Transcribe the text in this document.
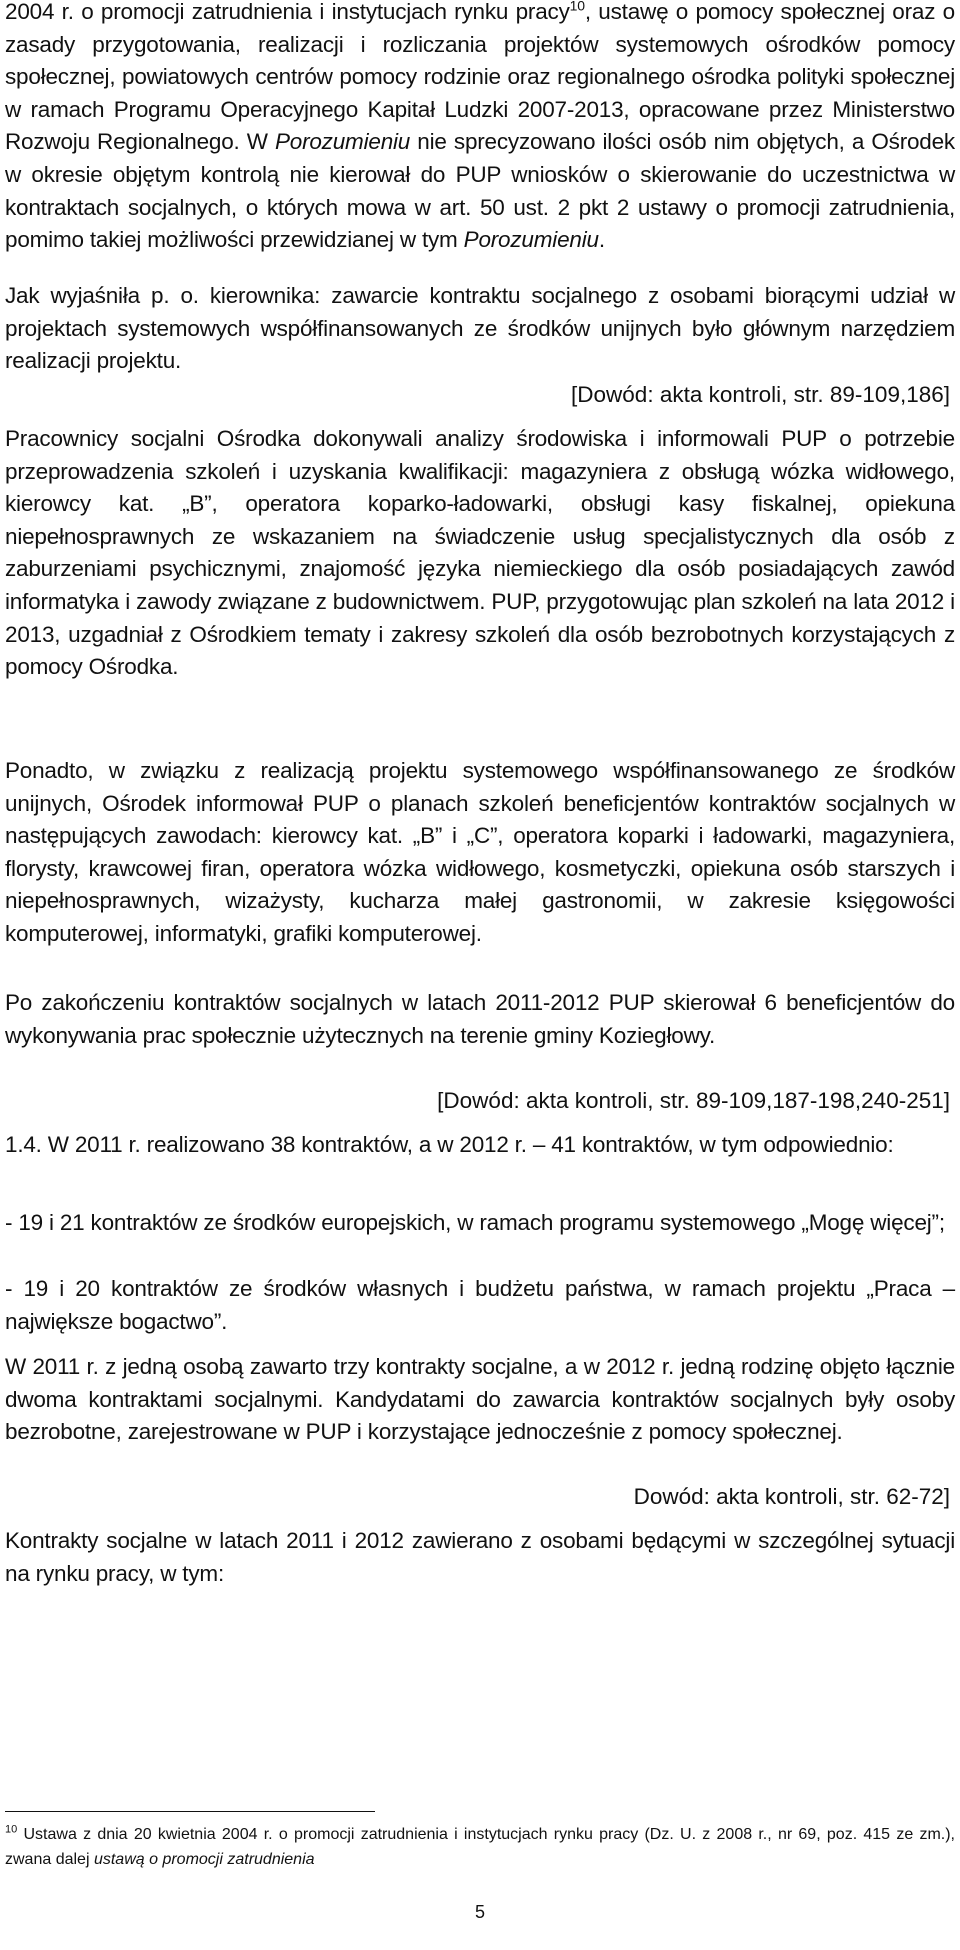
2004 r. o promocji zatrudnienia i instytucjach rynku pracy$^{10}$, ustawę o pomocy społecznej oraz o zasady przygotowania, realizacji i rozliczania projektów systemowych ośrodków pomocy społecznej, powiatowych centrów pomocy rodzinie oraz regionalnego ośrodka polityki społecznej w ramach Programu Operacyjnego Kapitał Ludzki 2007-2013, opracowane przez Ministerstwo Rozwoju Regionalnego. W Porozumieniu nie sprecyzowano ilości osób nim objętych, a Ośrodek w okresie objętym kontrolą nie kierował do PUP wniosków o skierowanie do uczestnictwa w kontraktach socjalnych, o których mowa w art. 50 ust. 2 pkt 2 ustawy o promocji zatrudnienia, pomimo takiej możliwości przewidzianej w tym Porozumieniu.
Jak wyjaśniła p. o. kierownika: zawarcie kontraktu socjalnego z osobami biorącymi udział w projektach systemowych współfinansowanych ze środków unijnych było głównym narzędziem realizacji projektu.
[Dowód: akta kontroli, str. 89-109,186]
Pracownicy socjalni Ośrodka dokonywali analizy środowiska i informowali PUP o potrzebie przeprowadzenia szkoleń i uzyskania kwalifikacji: magazyniera z obsługą wózka widłowego, kierowcy kat. „B”, operatora koparko-ładowarki, obsługi kasy fiskalnej, opiekuna niepełnosprawnych ze wskazaniem na świadczenie usług specjalistycznych dla osób z zaburzeniami psychicznymi, znajomość języka niemieckiego dla osób posiadających zawód informatyka i zawody związane z budownictwem. PUP, przygotowując plan szkoleń na lata 2012 i 2013, uzgadniał z Ośrodkiem tematy i zakresy szkoleń dla osób bezrobotnych korzystających z pomocy Ośrodka.
Ponadto, w związku z realizacją projektu systemowego współfinansowanego ze środków unijnych, Ośrodek informował PUP o planach szkoleń beneficjentów kontraktów socjalnych w następujących zawodach: kierowcy kat. „B” i „C”, operatora koparki i ładowarki, magazyniera, florysty, krawcowej firan, operatora wózka widłowego, kosmetyczki, opiekuna osób starszych i niepełnosprawnych, wizażysty, kucharza małej gastronomii, w zakresie księgowości komputerowej, informatyki, grafiki komputerowej.
Po zakończeniu kontraktów socjalnych w latach 2011-2012 PUP skierował 6 beneficjentów do wykonywania prac społecznie użytecznych na terenie gminy Koziegłowy.
[Dowód: akta kontroli, str. 89-109,187-198,240-251]
1.4. W 2011 r. realizowano 38 kontraktów, a w 2012 r. – 41 kontraktów, w tym odpowiednio:
- 19 i 21 kontraktów ze środków europejskich, w ramach programu systemowego „Mogę więcej”;
- 19 i 20 kontraktów ze środków własnych i budżetu państwa, w ramach projektu „Praca – największe bogactwo”.
W 2011 r. z jedną osobą zawarto trzy kontrakty socjalne, a w 2012 r. jedną rodzinę objęto łącznie dwoma kontraktami socjalnymi. Kandydatami do zawarcia kontraktów socjalnych były osoby bezrobotne, zarejestrowane w PUP i korzystające jednocześnie z pomocy społecznej.
Dowód: akta kontroli, str. 62-72]
Kontrakty socjalne w latach 2011 i 2012 zawierano z osobami będącymi w szczególnej sytuacji na rynku pracy, w tym:
$^{10}$ Ustawa z dnia 20 kwietnia 2004 r. o promocji zatrudnienia i instytucjach rynku pracy (Dz. U. z 2008 r., nr 69, poz. 415 ze zm.), zwana dalej ustawą o promocji zatrudnienia
5
